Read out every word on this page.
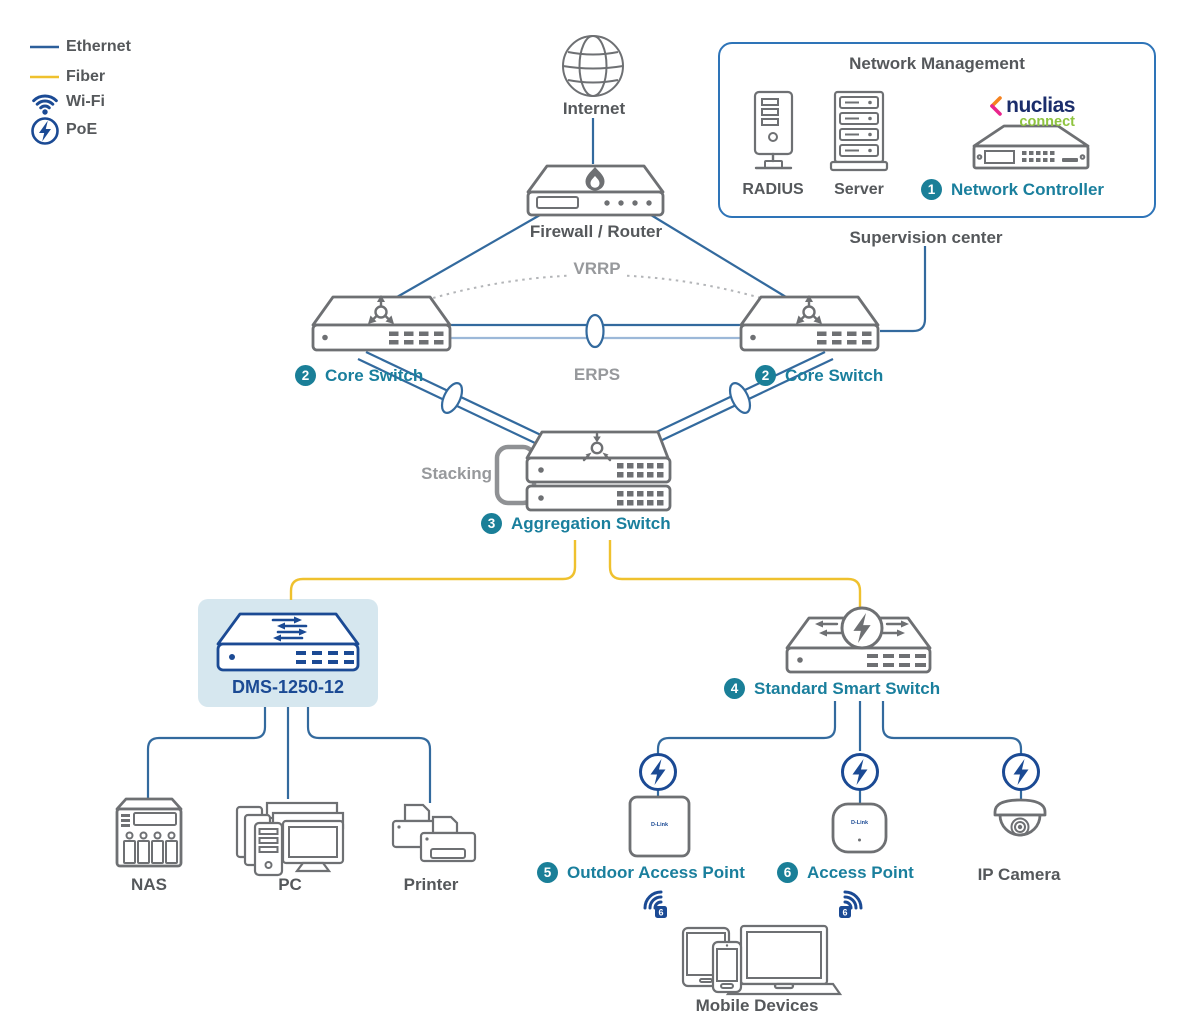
D-Link	D-Link
6	6
Ethernet
Fiber
Wi-Fi
PoE
Internet
Firewall / Router
Network Management
RADIUS Server
nuclias
connect
1 Network Controller
Supervision center
VRRP
ERPS
2 Core Switch	2 Core Switch
Stacking
3 Aggregation Switch
DMS-1250-12	4 Standard Smart Switch
NAS	PC	Printer
5 Outdoor Access Point	6 Access Point	IP Camera
Mobile Devices
